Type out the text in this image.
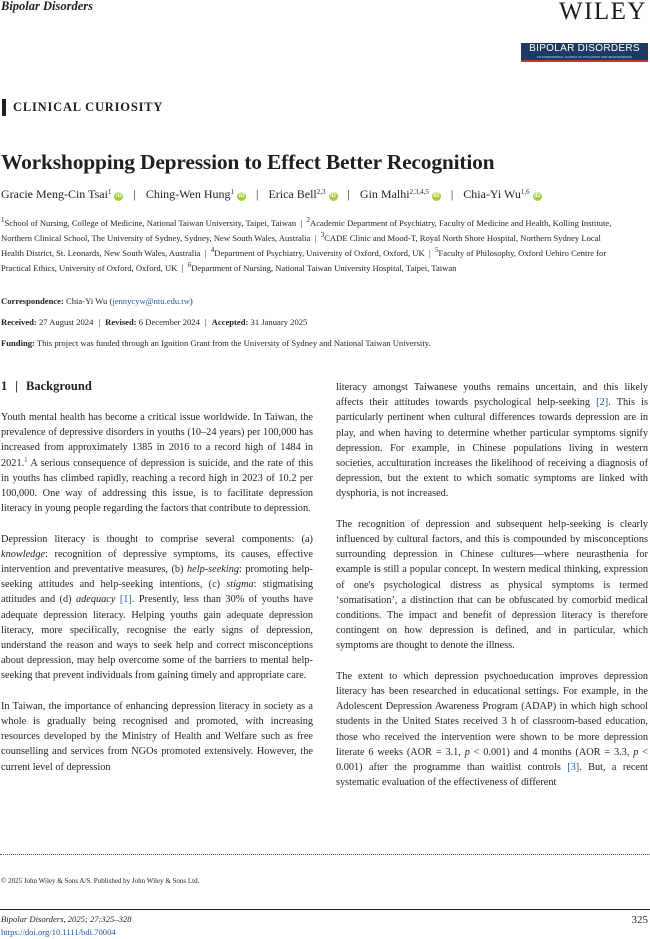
Bipolar Disorders	WILEY
BIPOLAR DISORDERS
AN INTERNATIONAL JOURNAL OF PSYCHIATRY AND NEUROSCIENCES
CLINICAL CURIOSITY
Workshopping Depression to Effect Better Recognition
Gracie Meng-Cin Tsai$^1$ iD | Ching-Wen Hung$^1$ iD | Erica Bell$^{2,3}$ iD | Gin Malhi$^{2,3,4,5}$ iD | Chia-Yi Wu$^{1,6}$ iD
$^1$School of Nursing, College of Medicine, National Taiwan University, Taipei, Taiwan  |  $^2$Academic Department of Psychiatry, Faculty of Medicine and Health, Kolling Institute, Northern Clinical School, The University of Sydney, Sydney, New South Wales, Australia  |  $^3$CADE Clinic and Mood-T, Royal North Shore Hospital, Northern Sydney Local Health District, St. Leonards, New South Wales, Australia  |  $^4$Department of Psychiatry, University of Oxford, Oxford, UK  |  $^5$Faculty of Philosophy, Oxford Uehiro Centre for Practical Ethics, University of Oxford, Oxford, UK  |  $^6$Department of Nursing, National Taiwan University Hospital, Taipei, Taiwan
Correspondence: Chia-Yi Wu (jennycyw@ntu.edu.tw)
Received: 27 August 2024 | Revised: 6 December 2024 | Accepted: 31 January 2025
Funding: This project was funded through an Ignition Grant from the University of Sydney and National Taiwan University.
1 | Background

Youth mental health has become a critical issue worldwide. In Taiwan, the prevalence of depressive disorders in youths (10–24 years) per 100,000 has increased from approximately 1385 in 2016 to a record high of 1484 in 2021.$^1$ A serious consequence of depression is suicide, and the rate of this in youths has climbed rapidly, reaching a record high in 2023 of 10.2 per 100,000. One way of addressing this issue, is to facilitate depression literacy in young people regarding the factors that contribute to depression.

Depression literacy is thought to comprise several components: (a) knowledge: recognition of depressive symptoms, its causes, effective intervention and preventative measures, (b) help-seeking: promoting help-seeking attitudes and help-seeking intentions, (c) stigma: stigmatising attitudes and (d) adequacy [1]. Presently, less than 30% of youths have adequate depression literacy. Helping youths gain adequate depression literacy, more specifically, recognise the early signs of depression, understand the reason and ways to seek help and correct misconceptions about depression, may help overcome some of the barriers to mental help-seeking that prevent individuals from gaining timely and appropriate care.

In Taiwan, the importance of enhancing depression literacy in society as a whole is gradually being recognised and promoted, with increasing resources developed by the Ministry of Health and Welfare such as free counselling and services from NGOs promoted extensively. However, the current level of depression

literacy amongst Taiwanese youths remains uncertain, and this likely affects their attitudes towards psychological help-seeking [2]. This is particularly pertinent when cultural differences towards depression are in play, and when having to determine whether particular symptoms signify depression. For example, in Chinese populations living in western societies, acculturation increases the likelihood of receiving a diagnosis of depression, but the extent to which somatic symptoms are linked with dysphoria, is not increased.

The recognition of depression and subsequent help-seeking is clearly influenced by cultural factors, and this is compounded by misconceptions surrounding depression in Chinese cultures—where neurasthenia for example is still a popular concept. In western medical thinking, expression of one's psychological distress as physical symptoms is termed ‘somatisation’, a distinction that can be obfuscated by comorbid medical conditions. The impact and benefit of depression literacy is therefore contingent on how depression is defined, and in particular, which symptoms are thought to denote the illness.

The extent to which depression psychoeducation improves depression literacy has been researched in educational settings. For example, in the Adolescent Depression Awareness Program (ADAP) in which high school students in the United States received 3 h of classroom-based education, those who received the intervention were shown to be more depression literate 6 weeks (AOR = 3.1, p < 0.001) and 4 months (AOR = 3.3, p < 0.001) after the programme than waitlist controls [3]. But, a recent systematic evaluation of the effectiveness of different

© 2025 John Wiley & Sons A/S. Published by John Wiley & Sons Ltd.
Bipolar Disorders, 2025; 27:325–328
https://doi.org/10.1111/bdi.70004
325
